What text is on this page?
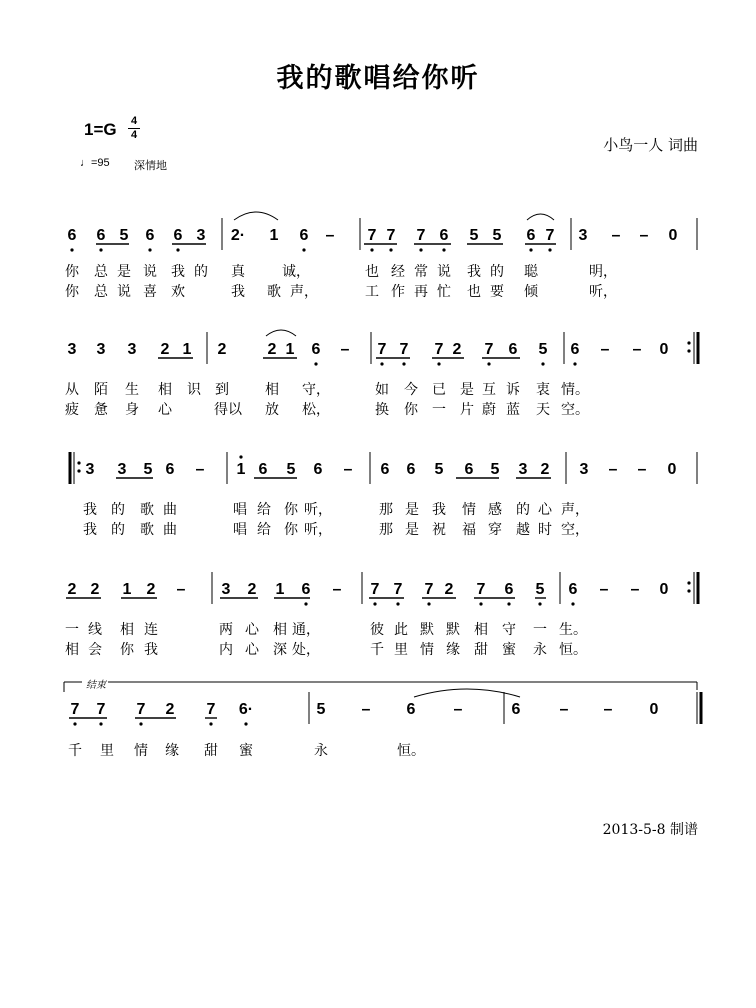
我的歌唱给你听
1=G 4
4
♩=95 深情地
小鸟一人 词曲
结束
6 6 5 6 6 3 2· 1 6 – 7 7 7 6 5 5 6 7 3 – – 0
3 3 3 2 1 2	2 1 6 – 7 7 7 2 7 6 5 6 – – 0
3 3 5 6 – 1 6 5 6 – 6 6 5 6 5 3 2 3 – – 0
2 2 1 2 – 3 2 1 6 – 7 7 7 2 7 6 5 6 – – 0
7 7 7 2 7 6·	5 – 6 –	6 – – 0
你 总 是 说 我 的 真	诚，	也 经 常 说 我 的 聪	明，
你 总 说 喜 欢	我 歌 声，	工 作 再 忙 也 要 倾	听，
从 陌 生 相 识 到	相 守，	如 今 已 是 互 诉 衷 情。
疲 惫 身 心	得以 放 松，	换 你 一 片 蔚 蓝 天 空。
我 的 歌 曲	唱 给 你 听，	那 是 我 情 感 的 心 声，
我 的 歌 曲	唱 给 你 听，	那 是 祝 福 穿 越 时 空，
一 线 相 连	两 心 相 通，	彼 此 默 默 相 守 一 生。
相 会 你 我	内 心 深 处，	千 里 情 缘 甜 蜜 永 恒。
千 里 情 缘 甜 蜜	永	恒。
2013-5-8 制谱
